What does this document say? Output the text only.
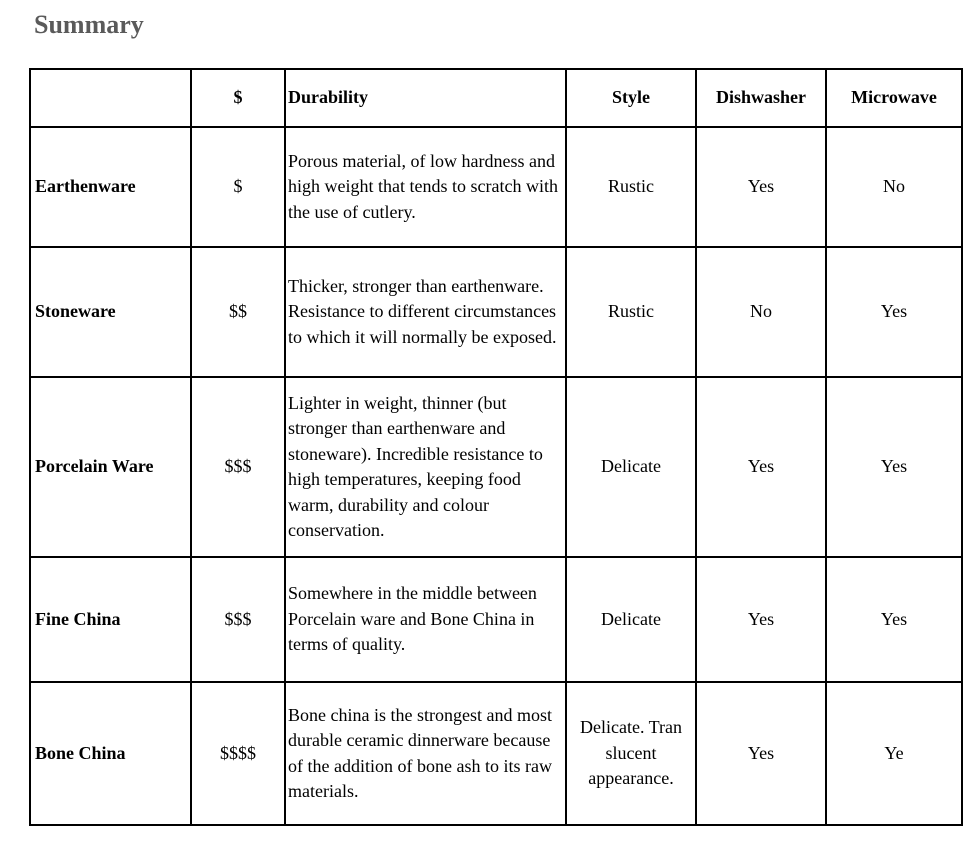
Summary
	$	Durability	Style	Dishwasher	Microwave
Earthenware	$	Porous material, of low hardness and high weight that tends to scratch with the use of cutlery.	Rustic	Yes	No
Stoneware	$$	Thicker, stronger than earthenware. Resistance to different circumstances to which it will normally be exposed.	Rustic	No	Yes
Porcelain Ware	$$$	Lighter in weight, thinner (but stronger than earthenware and stoneware). Incredible resistance to high temperatures, keeping food warm, durability and colour conservation.	Delicate	Yes	Yes
Fine China	$$$	Somewhere in the middle between Porcelain ware and Bone China in terms of quality.	Delicate	Yes	Yes
Bone China	$$$$	Bone china is the strongest and most durable ceramic dinnerware because of the addition of bone ash to its raw materials.	Delicate. Tran slucent appearance.	Yes	Ye
